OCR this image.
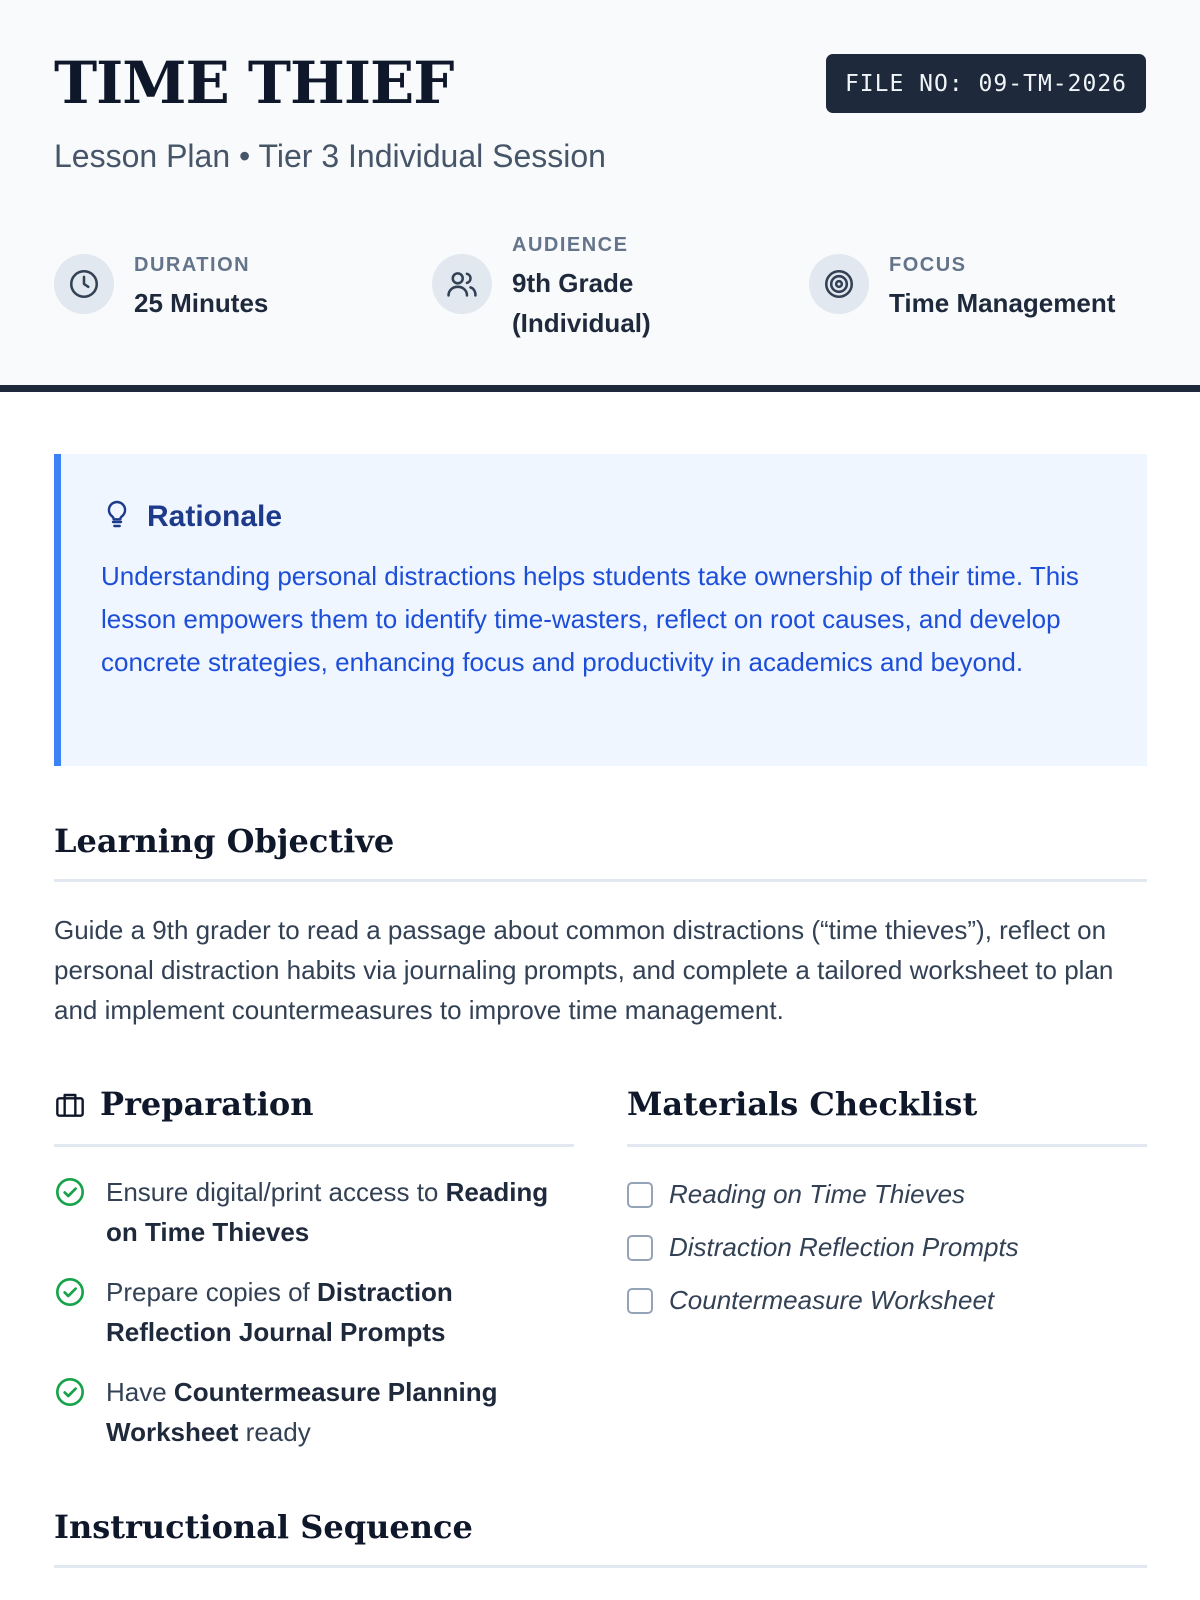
TIME THIEF
Lesson Plan • Tier 3 Individual Session
FILE NO: 09-TM-2026
DURATION
25 Minutes
AUDIENCE
9th Grade (Individual)
FOCUS
Time Management
Rationale
Understanding personal distractions helps students take ownership of their time. This lesson empowers them to identify time-wasters, reflect on root causes, and develop concrete strategies, enhancing focus and productivity in academics and beyond.
Learning Objective
Guide a 9th grader to read a passage about common distractions (“time thieves”), reflect on personal distraction habits via journaling prompts, and complete a tailored worksheet to plan and implement countermeasures to improve time management.
Preparation
Ensure digital/print access to Reading on Time Thieves
Prepare copies of Distraction Reflection Journal Prompts
Have Countermeasure Planning Worksheet ready
Materials Checklist
Reading on Time Thieves
Distraction Reflection Prompts
Countermeasure Worksheet
Instructional Sequence
